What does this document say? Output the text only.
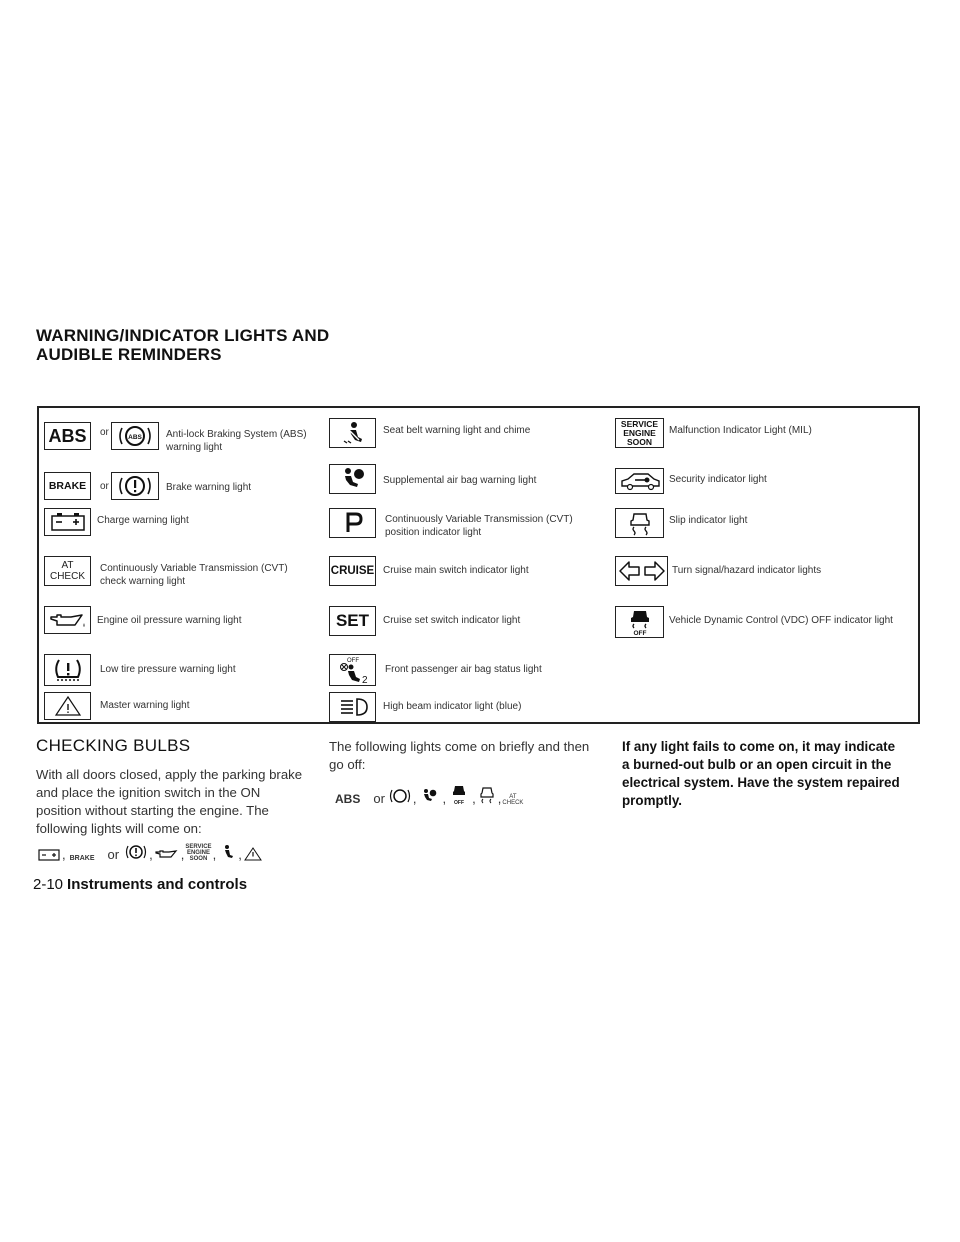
WARNING/INDICATOR LIGHTS AND
AUDIBLE REMINDERS
ABS or	ABS Anti-lock Braking System (ABS) warning light
BRAKE or	Brake warning light
Charge warning light
AT
CHECK
Continuously Variable Transmission (CVT) check warning light
Engine oil pressure warning light
Low tire pressure warning light
Master warning light
Seat belt warning light and chime
Supplemental air bag warning light
Continuously Variable Transmission (CVT) position indicator light
CRUISE Cruise main switch indicator light
SET Cruise set switch indicator light
OFF
2
Front passenger air bag status light
High beam indicator light (blue)
SERVICE
ENGINE
SOON
Malfunction Indicator Light (MIL)
Security indicator light
Slip indicator light
Turn signal/hazard indicator lights
OFF
Vehicle Dynamic Control (VDC) OFF indicator light
CHECKING BULBS

With all doors closed, apply the parking brake and place the ignition switch in the ON position without starting the engine. The following lights will come on:

, BRAKE or , , SERVICE
ENGINE
SOON , ,

The following lights come on briefly and then go off:

ABS or , , OFF , , AT
CHECK

If any light fails to come on, it may indicate a burned-out bulb or an open circuit in the electrical system. Have the system repaired promptly.

2-10 Instruments and controls
